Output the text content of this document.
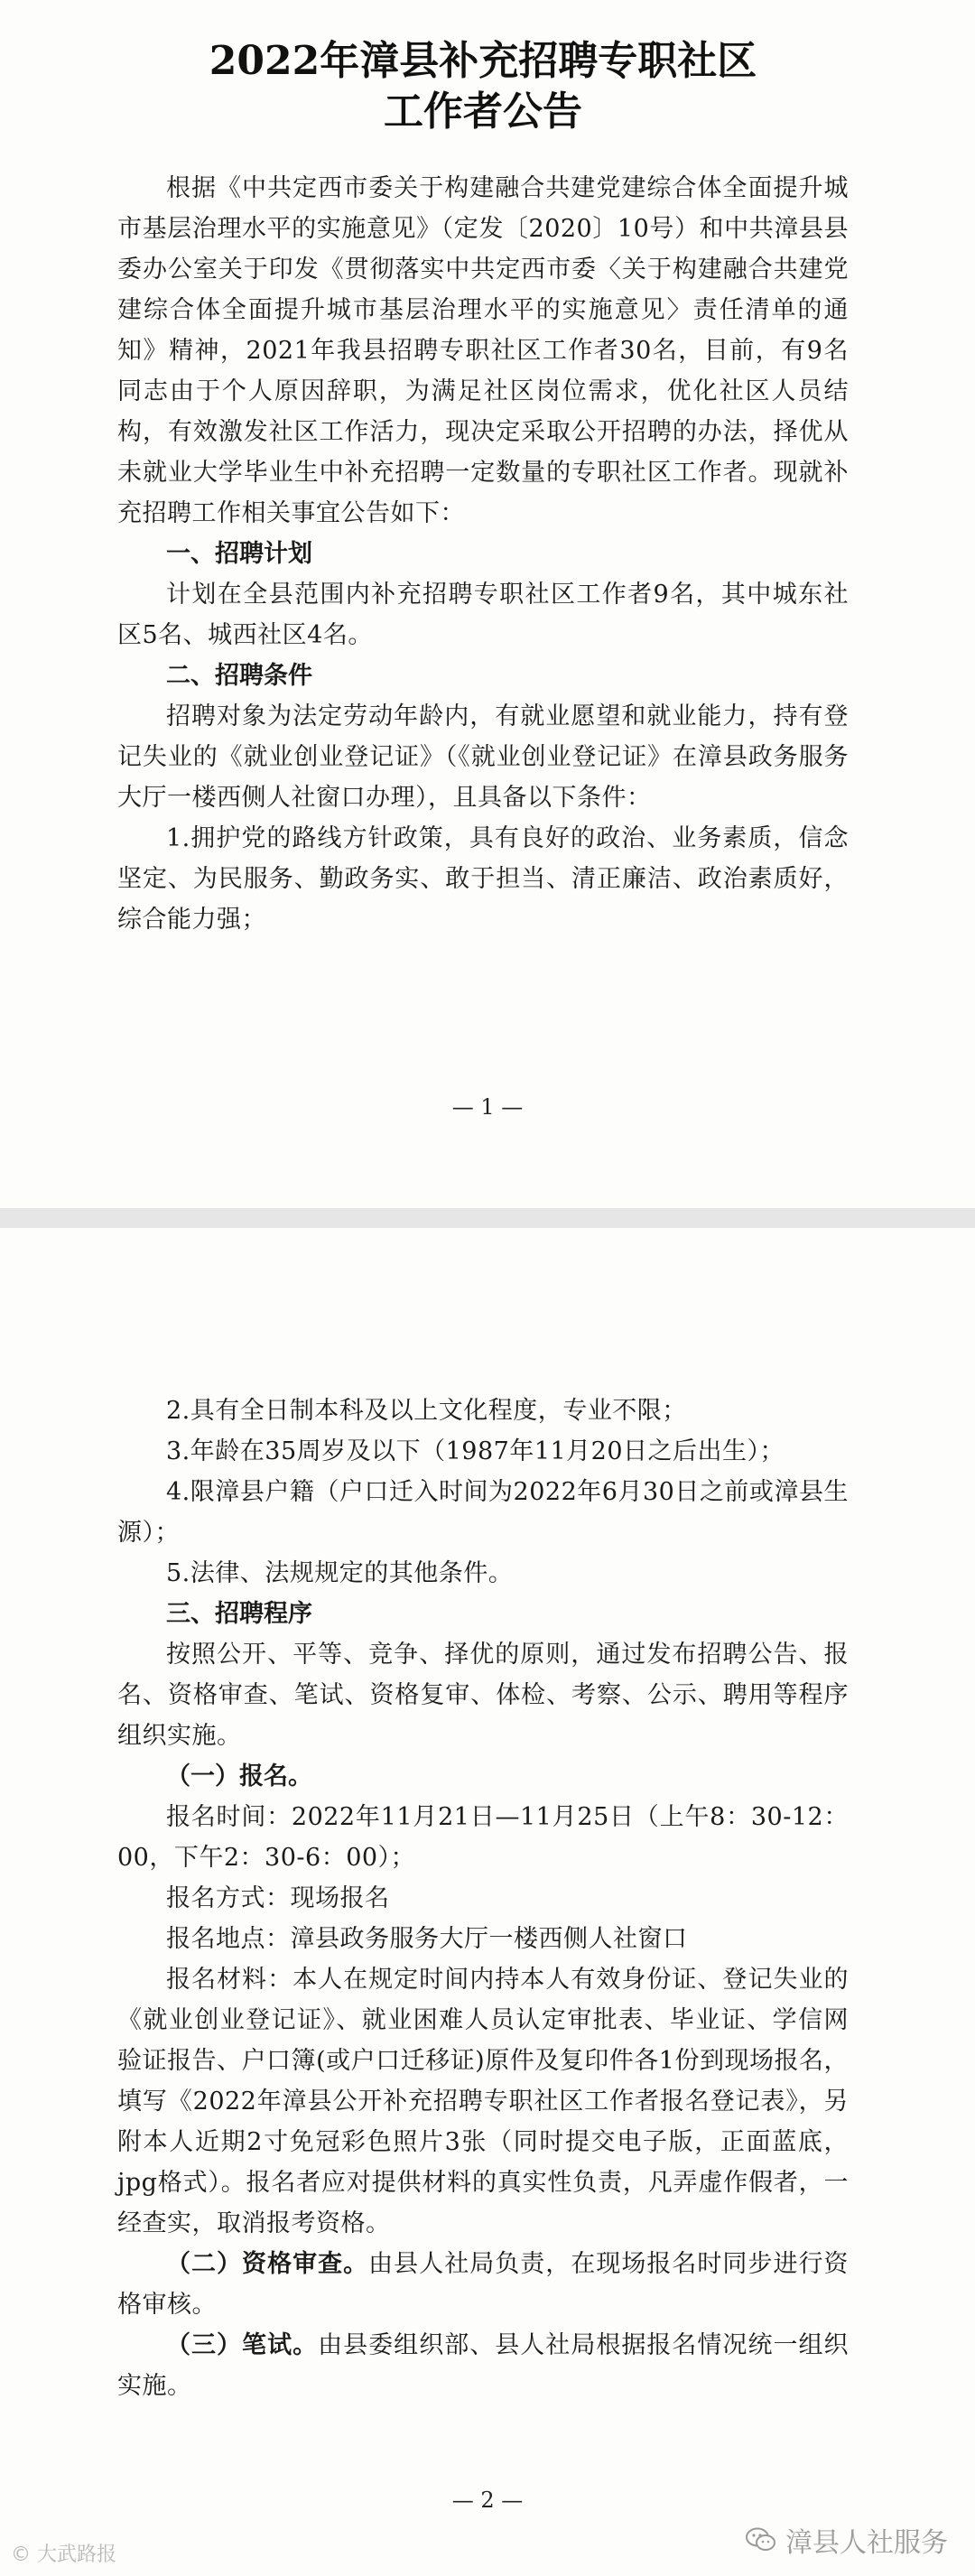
2022年漳县补充招聘专职社区
工作者公告

根据《中共定西市委关于构建融合共建党建综合体全面提升城市基层治理水平的实施意见》（定发〔2020〕10号）和中共漳县县委办公室关于印发《贯彻落实中共定西市委〈关于构建融合共建党建综合体全面提升城市基层治理水平的实施意见〉责任清单的通知》精神，2021年我县招聘专职社区工作者30名，目前，有9名同志由于个人原因辞职，为满足社区岗位需求，优化社区人员结构，有效激发社区工作活力，现决定采取公开招聘的办法，择优从未就业大学毕业生中补充招聘一定数量的专职社区工作者。现就补充招聘工作相关事宜公告如下：

一、招聘计划

计划在全县范围内补充招聘专职社区工作者9名，其中城东社区5名、城西社区4名。

二、招聘条件

招聘对象为法定劳动年龄内，有就业愿望和就业能力，持有登记失业的《就业创业登记证》（《就业创业登记证》在漳县政务服务大厅一楼西侧人社窗口办理），且具备以下条件：

1.拥护党的路线方针政策，具有良好的政治、业务素质，信念坚定、为民服务、勤政务实、敢于担当、清正廉洁、政治素质好，综合能力强；

— 1 —

2.具有全日制本科及以上文化程度，专业不限；

3.年龄在35周岁及以下（1987年11月20日之后出生）；

4.限漳县户籍（户口迁入时间为2022年6月30日之前或漳县生源）；

5.法律、法规规定的其他条件。

三、招聘程序

按照公开、平等、竞争、择优的原则，通过发布招聘公告、报名、资格审查、笔试、资格复审、体检、考察、公示、聘用等程序组织实施。

（一）报名。

报名时间：2022年11月21日—11月25日（上午8：30-12：00，下午2：30-6：00）；

报名方式：现场报名

报名地点：漳县政务服务大厅一楼西侧人社窗口

报名材料：本人在规定时间内持本人有效身份证、登记失业的《就业创业登记证》、就业困难人员认定审批表、毕业证、学信网验证报告、户口簿(或户口迁移证)原件及复印件各1份到现场报名，填写《2022年漳县公开补充招聘专职社区工作者报名登记表》，另附本人近期2寸免冠彩色照片3张（同时提交电子版，正面蓝底，jpg格式）。报名者应对提供材料的真实性负责，凡弄虚作假者，一经查实，取消报考资格。

（二）资格审查。由县人社局负责，在现场报名时同步进行资格审核。

（三）笔试。由县委组织部、县人社局根据报名情况统一组织实施。

— 2 —
© 大武路报	漳县人社服务
